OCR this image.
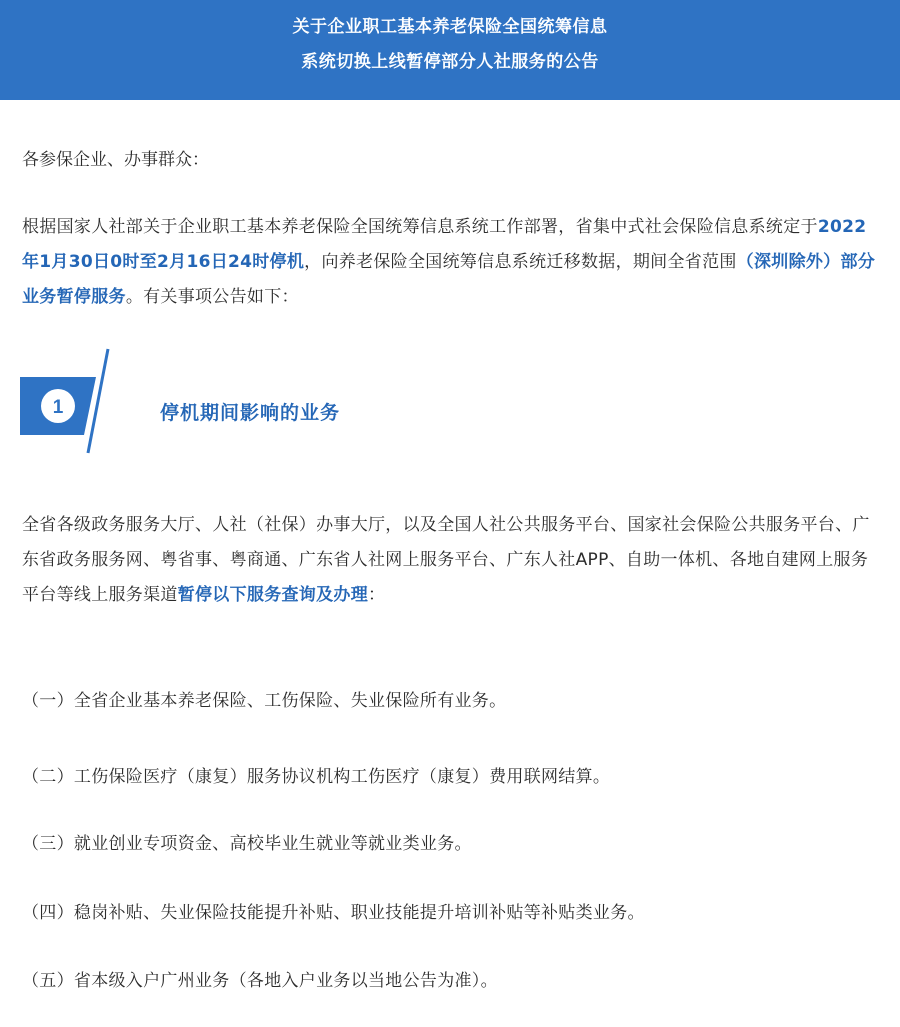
关于企业职工基本养老保险全国统筹信息
系统切换上线暂停部分人社服务的公告
各参保企业、办事群众：
根据国家人社部关于企业职工基本养老保险全国统筹信息系统工作部署，省集中式社会保险信息系统定于2022年1月30日0时至2月16日24时停机，向养老保险全国统筹信息系统迁移数据，期间全省范围（深圳除外）部分业务暂停服务。有关事项公告如下：
1	停机期间影响的业务
全省各级政务服务大厅、人社（社保）办事大厅，以及全国人社公共服务平台、国家社会保险公共服务平台、广东省政务服务网、粤省事、粤商通、广东省人社网上服务平台、广东人社APP、自助一体机、各地自建网上服务平台等线上服务渠道暂停以下服务查询及办理：
（一）全省企业基本养老保险、工伤保险、失业保险所有业务。
（二）工伤保险医疗（康复）服务协议机构工伤医疗（康复）费用联网结算。
（三）就业创业专项资金、高校毕业生就业等就业类业务。
（四）稳岗补贴、失业保险技能提升补贴、职业技能提升培训补贴等补贴类业务。
（五）省本级入户广州业务（各地入户业务以当地公告为准）。
